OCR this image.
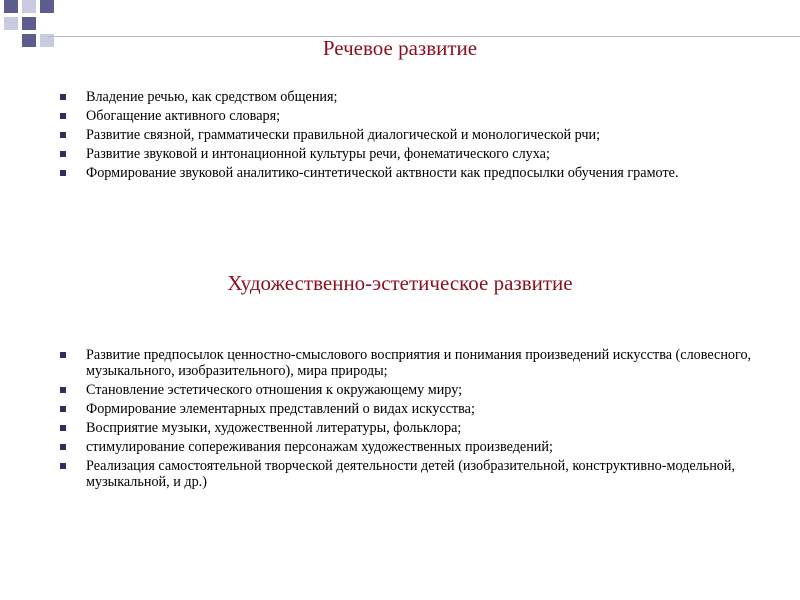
Речевое развитие
Владение речью, как средством общения;
Обогащение активного словаря;
Развитие связной, грамматически правильной диалогической и монологической рчи;
Развитие звуковой и интонационной культуры речи, фонематического слуха;
Формирование звуковой аналитико-синтетической актвности как предпосылки обучения грамоте.
Художественно-эстетическое развитие
Развитие предпосылок ценностно-смыслового восприятия и понимания произведений искусства (словесного, музыкального, изобразительного), мира природы;
Становление эстетического отношения к окружающему миру;
Формирование элементарных представлений о видах искусства;
Восприятие музыки, художественной литературы, фольклора;
стимулирование сопереживания персонажам художественных произведений;
Реализация самостоятельной творческой деятельности детей (изобразительной, конструктивно-модельной, музыкальной, и др.)
